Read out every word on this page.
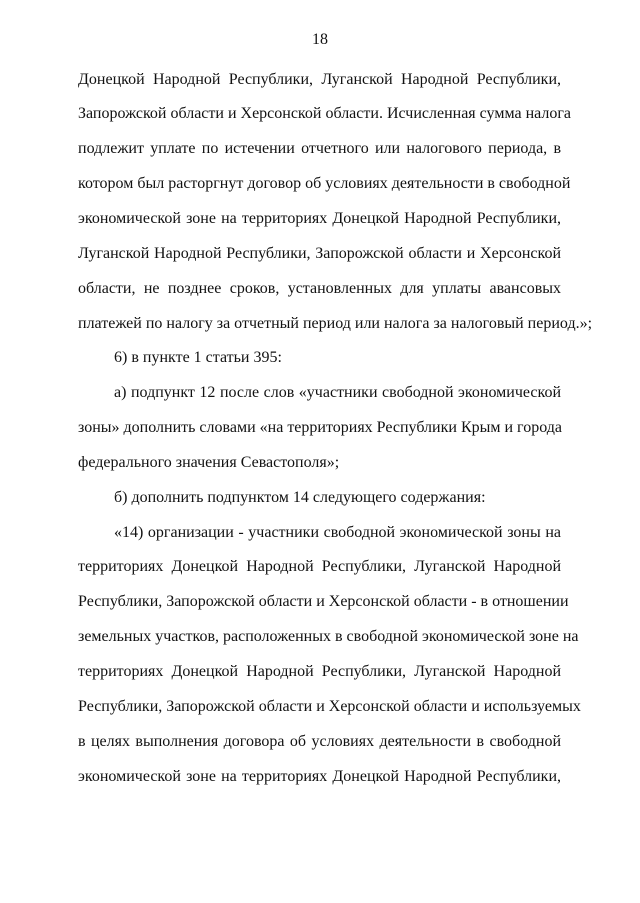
18
Донецкой Народной Республики, Луганской Народной Республики,
Запорожской области и Херсонской области. Исчисленная сумма налога
подлежит уплате по истечении отчетного или налогового периода, в
котором был расторгнут договор об условиях деятельности в свободной
экономической зоне на территориях Донецкой Народной Республики,
Луганской Народной Республики, Запорожской области и Херсонской
области, не позднее сроков, установленных для уплаты авансовых
платежей по налогу за отчетный период или налога за налоговый период.»;
6) в пункте 1 статьи 395:
а) подпункт 12 после слов «участники свободной экономической
зоны» дополнить словами «на территориях Республики Крым и города
федерального значения Севастополя»;
б) дополнить подпунктом 14 следующего содержания:
«14) организации - участники свободной экономической зоны на
территориях Донецкой Народной Республики, Луганской Народной
Республики, Запорожской области и Херсонской области - в отношении
земельных участков, расположенных в свободной экономической зоне на
территориях Донецкой Народной Республики, Луганской Народной
Республики, Запорожской области и Херсонской области и используемых
в целях выполнения договора об условиях деятельности в свободной
экономической зоне на территориях Донецкой Народной Республики,
